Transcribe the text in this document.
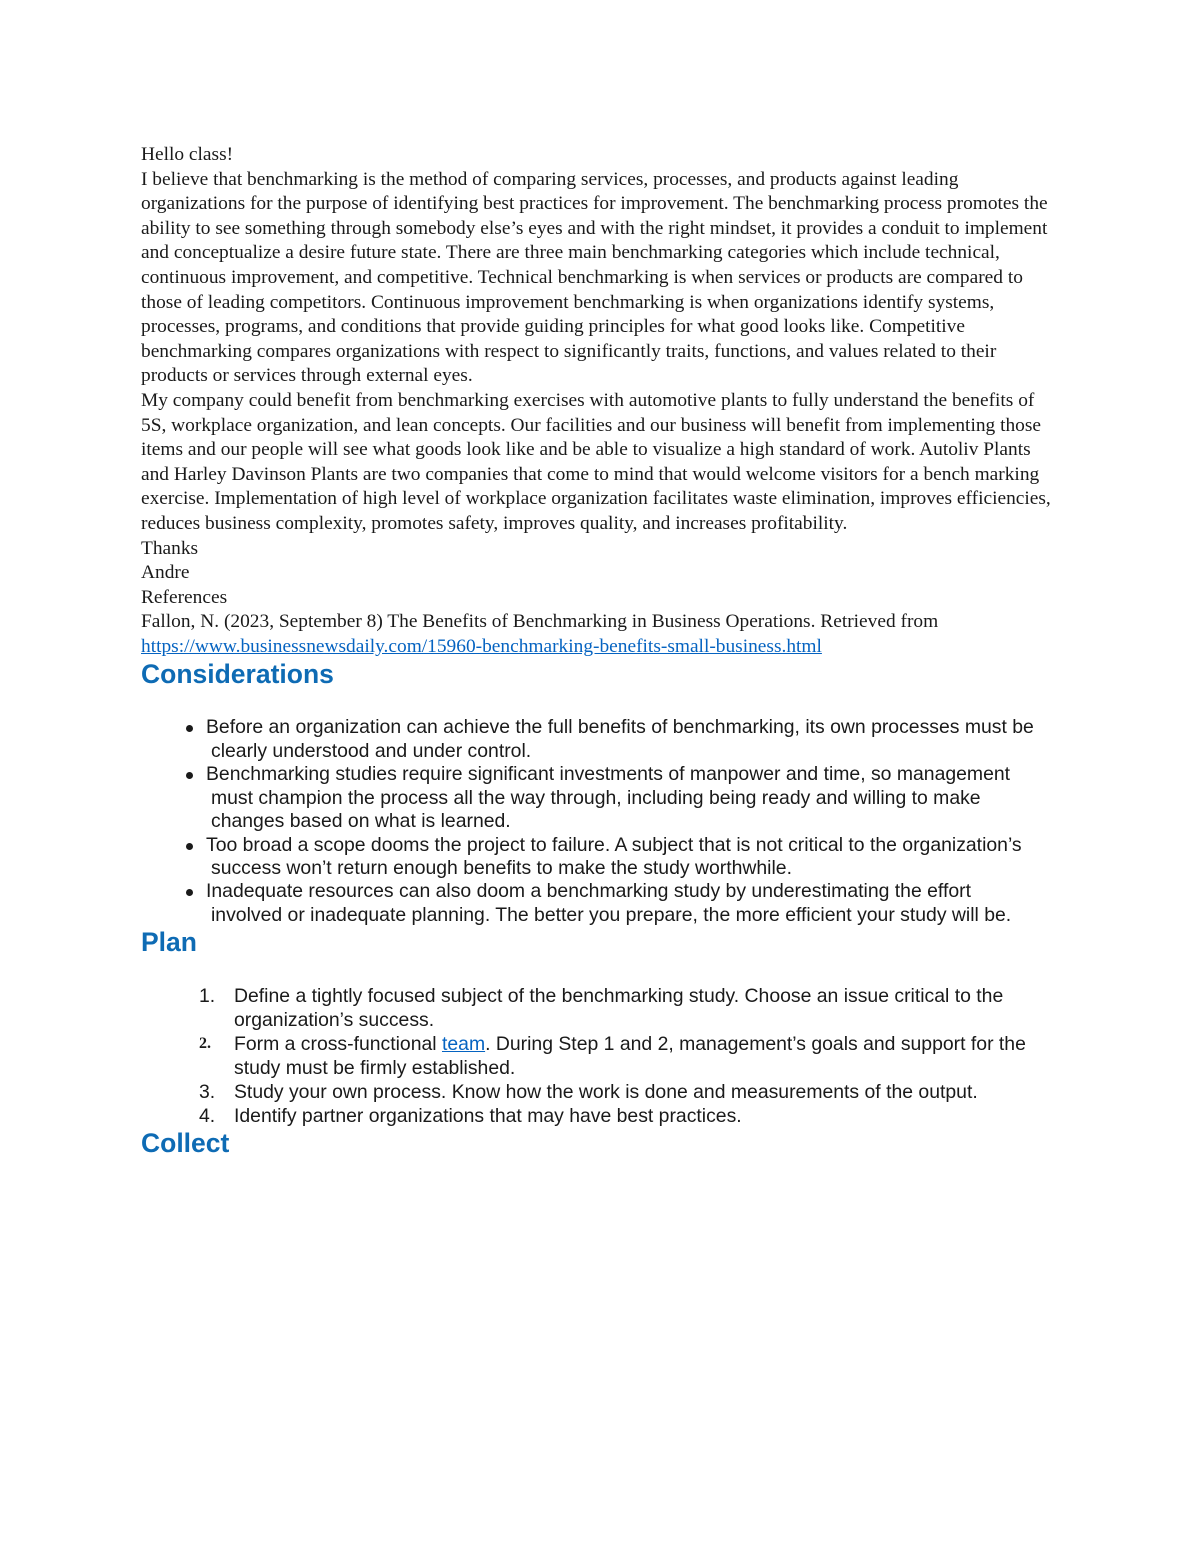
Hello class!

I believe that benchmarking is the method of comparing services, processes, and products against leading organizations for the purpose of identifying best practices for improvement. The benchmarking process promotes the ability to see something through somebody else’s eyes and with the right mindset, it provides a conduit to implement and conceptualize a desire future state. There are three main benchmarking categories which include technical, continuous improvement, and competitive. Technical benchmarking is when services or products are compared to those of leading competitors. Continuous improvement benchmarking is when organizations identify systems, processes, programs, and conditions that provide guiding principles for what good looks like. Competitive benchmarking compares organizations with respect to significantly traits, functions, and values related to their products or services through external eyes.

My company could benefit from benchmarking exercises with automotive plants to fully understand the benefits of 5S, workplace organization, and lean concepts. Our facilities and our business will benefit from implementing those items and our people will see what goods look like and be able to visualize a high standard of work. Autoliv Plants and Harley Davinson Plants are two companies that come to mind that would welcome visitors for a bench marking exercise. Implementation of high level of workplace organization facilitates waste elimination, improves efficiencies, reduces business complexity, promotes safety, improves quality, and increases profitability.

Thanks

Andre

References

Fallon, N. (2023, September 8) The Benefits of Benchmarking in Business Operations. Retrieved from https://www.businessnewsdaily.com/15960-benchmarking-benefits-small-business.html

Considerations
Before an organization can achieve the full benefits of benchmarking, its own processes must be clearly understood and under control.
Benchmarking studies require significant investments of manpower and time, so management must champion the process all the way through, including being ready and willing to make changes based on what is learned.
Too broad a scope dooms the project to failure. A subject that is not critical to the organization’s success won’t return enough benefits to make the study worthwhile.
Inadequate resources can also doom a benchmarking study by underestimating the effort involved or inadequate planning. The better you prepare, the more efficient your study will be.
Plan
1. Define a tightly focused subject of the benchmarking study. Choose an issue critical to the organization’s success.
2. Form a cross-functional team. During Step 1 and 2, management’s goals and support for the study must be firmly established.
3. Study your own process. Know how the work is done and measurements of the output.
4. Identify partner organizations that may have best practices.
Collect
